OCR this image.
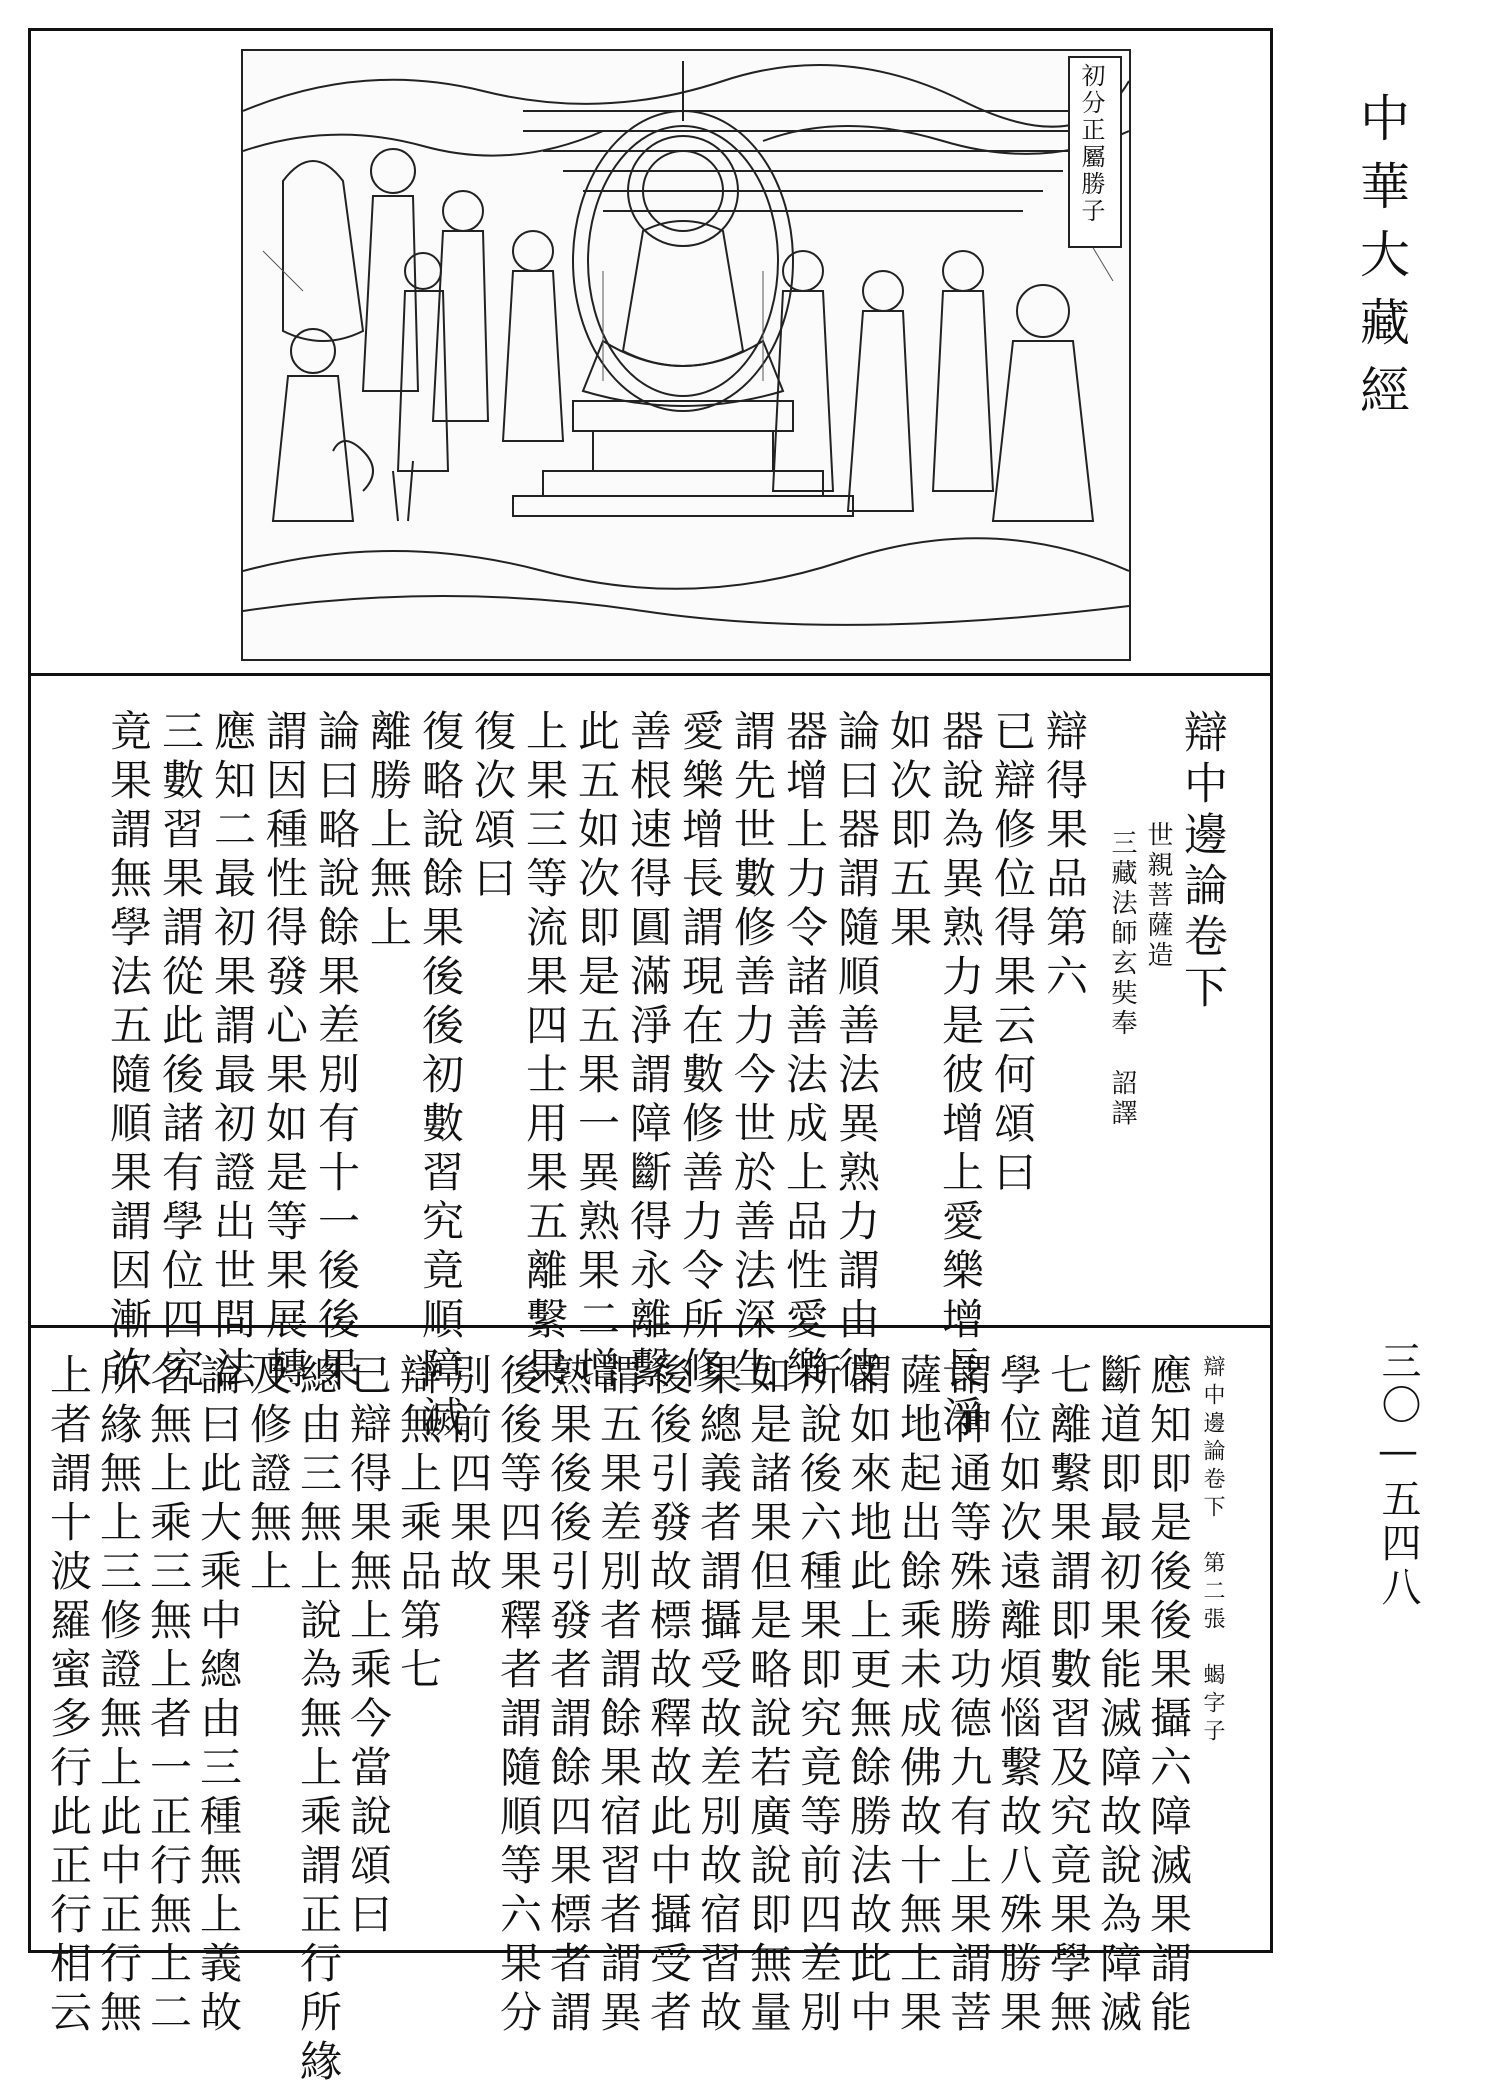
中華大藏經
三〇—五四八
初分正屬勝子
辯中邊論卷下
世親菩薩造
三藏法師玄奘奉　詔譯
辯得果品第六
已辯修位得果云何頌曰
器說為異熟力是彼增上愛樂增長淨
如次即五果
論曰器謂隨順善法異熟力謂由彼
器增上力令諸善法成上品性愛樂
謂先世數修善力今世於善法深生
愛樂增長謂現在數修善力令所修
善根速得圓滿淨謂障斷得永離繫
此五如次即是五果一異熟果二增
上果三等流果四士用果五離繫果
復次頌曰
復略說餘果後後初數習究竟順障滅
離勝上無上
論曰略說餘果差別有十一後後果
謂因種性得發心果如是等果展轉
應知二最初果謂最初證出世間法
三數習果謂從此後諸有學位四究
竟果謂無學法五隨順果謂因漸次
辯中邊論卷下　第二張　蝎字子
應知即是後後果攝六障滅果謂能
斷道即最初果能滅障故說為障滅
七離繫果謂即數習及究竟果學無
學位如次遠離煩惱繫故八殊勝果
謂神通等殊勝功德九有上果謂菩
薩地起出餘乘未成佛故十無上果
謂如來地此上更無餘勝法故此中
所說後六種果即究竟等前四差別
如是諸果但是略說若廣說即無量
果總義者謂攝受故差別故宿習故
後後引發故標故釋故此中攝受者
謂五果差別者謂餘果宿習者謂異
熟果後後引發者謂餘四果標者謂
後後等四果釋者謂隨順等六果分
別前四果故
辯無上乘品第七
已辯得果無上乘今當說頌曰
總由三無上說為無上乘謂正行所緣
及修證無上
論曰此大乘中總由三種無上義故
名無上乘三無上者一正行無上二
所緣無上三修證無上此中正行無
上者謂十波羅蜜多行此正行相云
